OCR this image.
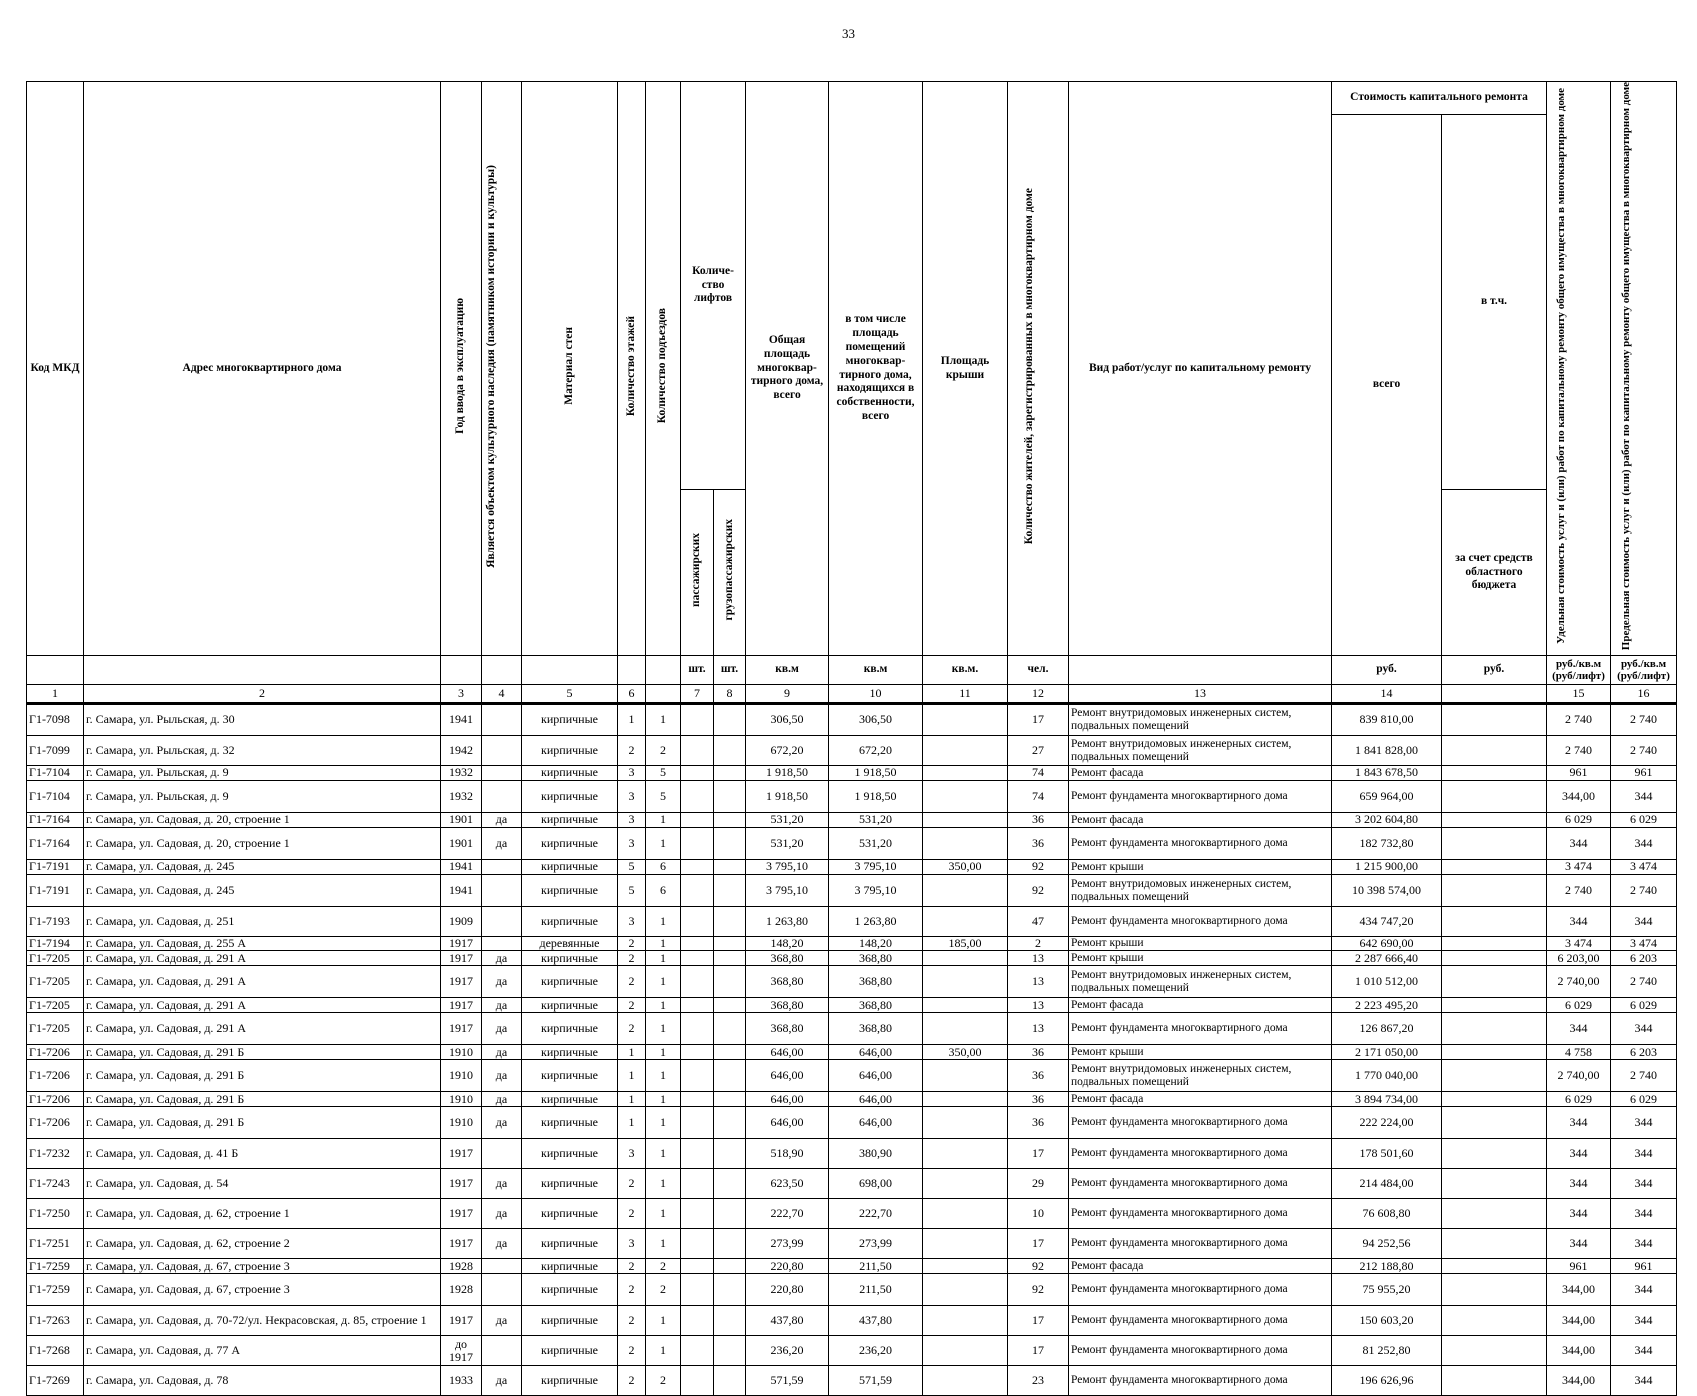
33
Код МКД	Адрес многоквартирного дома	Год ввода в эксплуатацию	Является объектом культурного наследия (памятником истории и культуры)	Материал стен	Количество этажей	Количество подъездов	Количе-ство лифтов		Общая площадь многоквар-тирного дома, всего	в том числе площадь помещений многоквар-тирного дома, находящихся в собственности, всего	Площадь крыши	Количество жителей, зарегистрированных в многоквартирном доме	Вид работ/услуг по капитальному ремонту	Стоимость капитального ремонта		Удельная стоимость услуг и (или) работ по капитальному ремонту общего имущества в многоквартирном доме	Предельная стоимость услуг и (или) работ по капитальному ремонту общего имущества в многоквартирном доме
														всего	в т.ч.		
							пассажирских	грузопассажирских							за счет средств областного бюджета		
							шт.	шт.	кв.м	кв.м	кв.м.	чел.		руб.	руб.	руб./кв.м (руб/лифт)	руб./кв.м (руб/лифт)
1	2	3	4	5	6		7	8	9	10	11	12	13	14		15	16
Г1-7098	г. Самара, ул. Рыльская, д. 30	1941		кирпичные	1	1			306,50	306,50		17	Ремонт внутридомовых инженерных систем, подвальных помещений	839 810,00		2 740	2 740
Г1-7099	г. Самара, ул. Рыльская, д. 32	1942		кирпичные	2	2			672,20	672,20		27	Ремонт внутридомовых инженерных систем, подвальных помещений	1 841 828,00		2 740	2 740
Г1-7104	г. Самара, ул. Рыльская, д. 9	1932		кирпичные	3	5			1 918,50	1 918,50		74	Ремонт фасада	1 843 678,50		961	961
Г1-7104	г. Самара, ул. Рыльская, д. 9	1932		кирпичные	3	5			1 918,50	1 918,50		74	Ремонт фундамента многоквартирного дома	659 964,00		344,00	344
Г1-7164	г. Самара, ул. Садовая, д. 20, строение 1	1901	да	кирпичные	3	1			531,20	531,20		36	Ремонт фасада	3 202 604,80		6 029	6 029
Г1-7164	г. Самара, ул. Садовая, д. 20, строение 1	1901	да	кирпичные	3	1			531,20	531,20		36	Ремонт фундамента многоквартирного дома	182 732,80		344	344
Г1-7191	г. Самара, ул. Садовая, д. 245	1941		кирпичные	5	6			3 795,10	3 795,10	350,00	92	Ремонт крыши	1 215 900,00		3 474	3 474
Г1-7191	г. Самара, ул. Садовая, д. 245	1941		кирпичные	5	6			3 795,10	3 795,10		92	Ремонт внутридомовых инженерных систем, подвальных помещений	10 398 574,00		2 740	2 740
Г1-7193	г. Самара, ул. Садовая, д. 251	1909		кирпичные	3	1			1 263,80	1 263,80		47	Ремонт фундамента многоквартирного дома	434 747,20		344	344
Г1-7194	г. Самара, ул. Садовая, д. 255 А	1917		деревянные	2	1			148,20	148,20	185,00	2	Ремонт крыши	642 690,00		3 474	3 474
Г1-7205	г. Самара, ул. Садовая, д. 291 А	1917	да	кирпичные	2	1			368,80	368,80		13	Ремонт крыши	2 287 666,40		6 203,00	6 203
Г1-7205	г. Самара, ул. Садовая, д. 291 А	1917	да	кирпичные	2	1			368,80	368,80		13	Ремонт внутридомовых инженерных систем, подвальных помещений	1 010 512,00		2 740,00	2 740
Г1-7205	г. Самара, ул. Садовая, д. 291 А	1917	да	кирпичные	2	1			368,80	368,80		13	Ремонт фасада	2 223 495,20		6 029	6 029
Г1-7205	г. Самара, ул. Садовая, д. 291 А	1917	да	кирпичные	2	1			368,80	368,80		13	Ремонт фундамента многоквартирного дома	126 867,20		344	344
Г1-7206	г. Самара, ул. Садовая, д. 291 Б	1910	да	кирпичные	1	1			646,00	646,00	350,00	36	Ремонт крыши	2 171 050,00		4 758	6 203
Г1-7206	г. Самара, ул. Садовая, д. 291 Б	1910	да	кирпичные	1	1			646,00	646,00		36	Ремонт внутридомовых инженерных систем, подвальных помещений	1 770 040,00		2 740,00	2 740
Г1-7206	г. Самара, ул. Садовая, д. 291 Б	1910	да	кирпичные	1	1			646,00	646,00		36	Ремонт фасада	3 894 734,00		6 029	6 029
Г1-7206	г. Самара, ул. Садовая, д. 291 Б	1910	да	кирпичные	1	1			646,00	646,00		36	Ремонт фундамента многоквартирного дома	222 224,00		344	344
Г1-7232	г. Самара, ул. Садовая, д. 41 Б	1917		кирпичные	3	1			518,90	380,90		17	Ремонт фундамента многоквартирного дома	178 501,60		344	344
Г1-7243	г. Самара, ул. Садовая, д. 54	1917	да	кирпичные	2	1			623,50	698,00		29	Ремонт фундамента многоквартирного дома	214 484,00		344	344
Г1-7250	г. Самара, ул. Садовая, д. 62, строение 1	1917	да	кирпичные	2	1			222,70	222,70		10	Ремонт фундамента многоквартирного дома	76 608,80		344	344
Г1-7251	г. Самара, ул. Садовая, д. 62, строение 2	1917	да	кирпичные	3	1			273,99	273,99		17	Ремонт фундамента многоквартирного дома	94 252,56		344	344
Г1-7259	г. Самара, ул. Садовая, д. 67, строение 3	1928		кирпичные	2	2			220,80	211,50		92	Ремонт фасада	212 188,80		961	961
Г1-7259	г. Самара, ул. Садовая, д. 67, строение 3	1928		кирпичные	2	2			220,80	211,50		92	Ремонт фундамента многоквартирного дома	75 955,20		344,00	344
Г1-7263	г. Самара, ул. Садовая, д. 70-72/ул. Некрасовская, д. 85, строение 1	1917	да	кирпичные	2	1			437,80	437,80		17	Ремонт фундамента многоквартирного дома	150 603,20		344,00	344
Г1-7268	г. Самара, ул. Садовая, д. 77 А	до 1917		кирпичные	2	1			236,20	236,20		17	Ремонт фундамента многоквартирного дома	81 252,80		344,00	344
Г1-7269	г. Самара, ул. Садовая, д. 78	1933	да	кирпичные	2	2			571,59	571,59		23	Ремонт фундамента многоквартирного дома	196 626,96		344,00	344
